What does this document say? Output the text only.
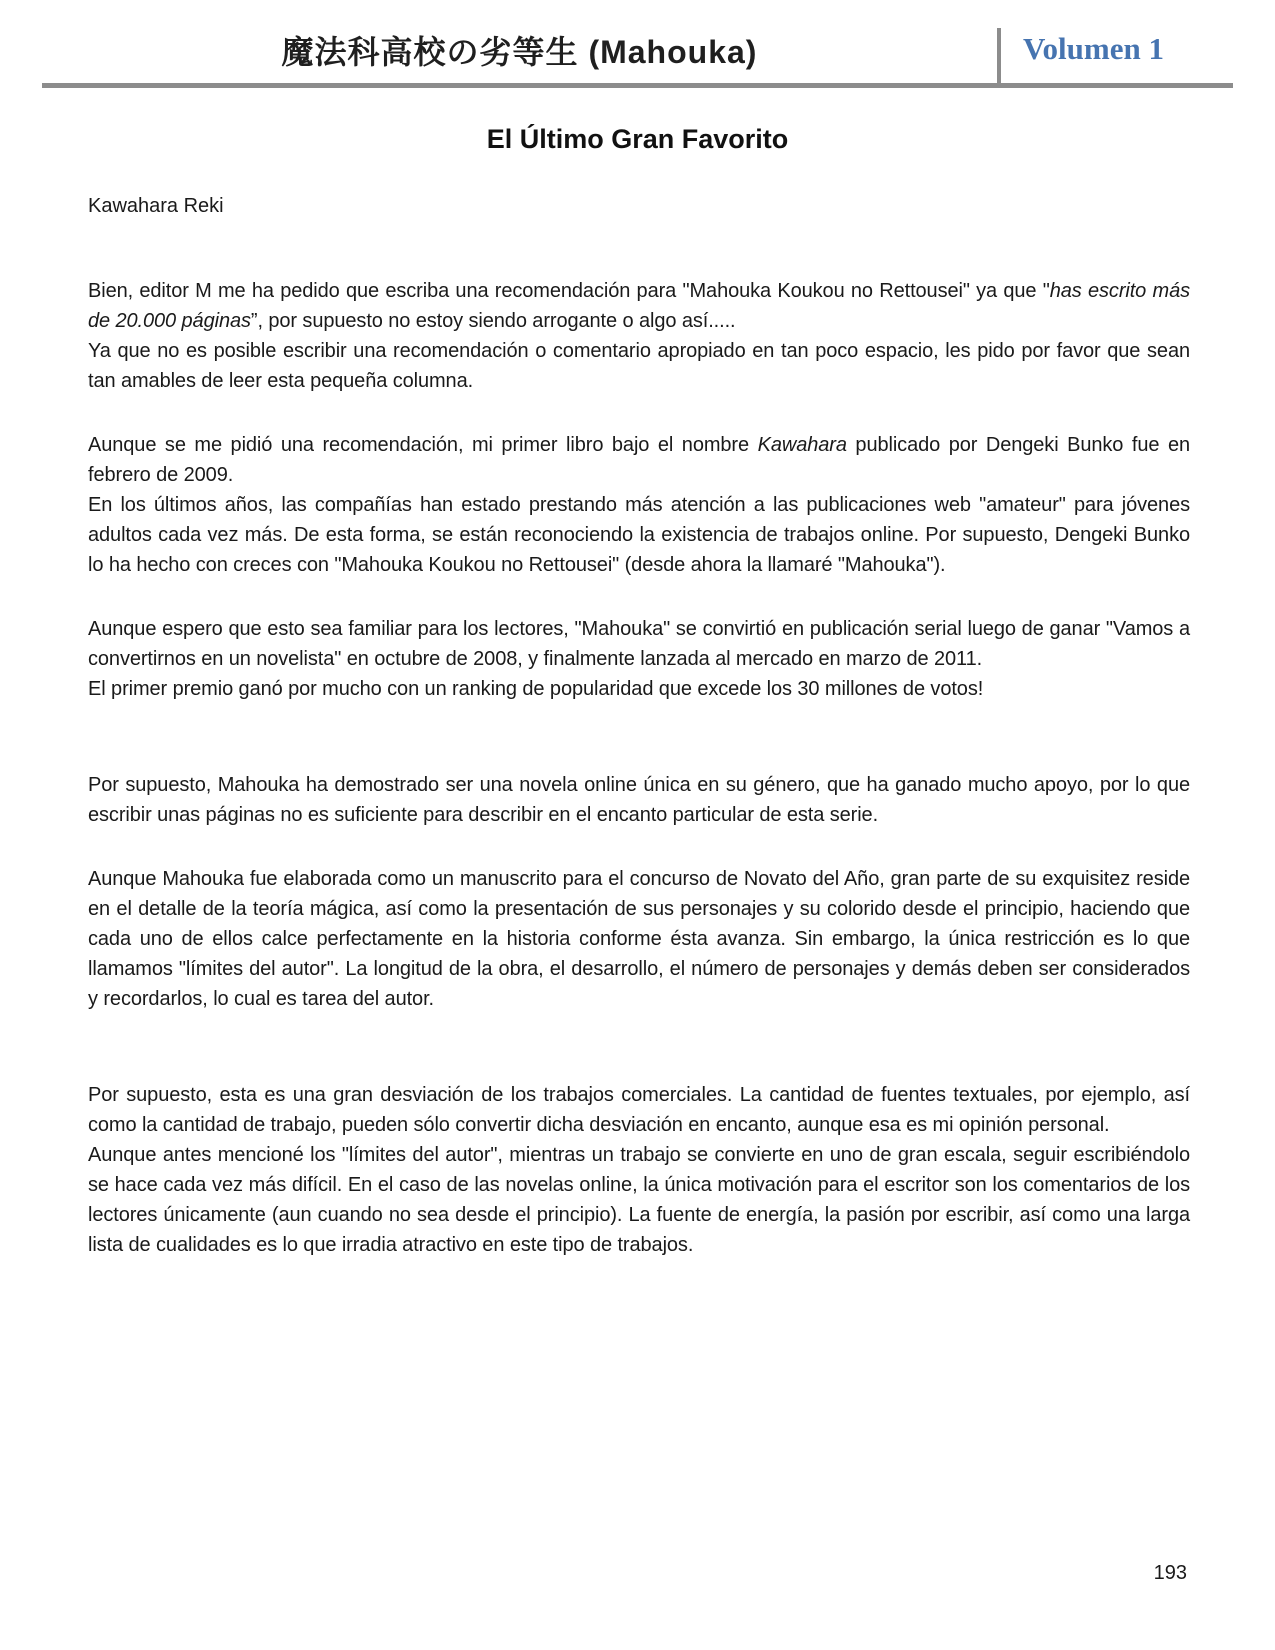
魔法科高校の劣等生 (Mahouka)	Volumen 1
El Último Gran Favorito
Kawahara Reki

Bien, editor M me ha pedido que escriba una recomendación para "Mahouka Koukou no Rettousei" ya que "has escrito más de 20.000 páginas”, por supuesto no estoy siendo arrogante o algo así.....
Ya que no es posible escribir una recomendación o comentario apropiado en tan poco espacio, les pido por favor que sean tan amables de leer esta pequeña columna.

Aunque se me pidió una recomendación, mi primer libro bajo el nombre Kawahara publicado por Dengeki Bunko fue en febrero de 2009.
En los últimos años, las compañías han estado prestando más atención a las publicaciones web "amateur" para jóvenes adultos cada vez más. De esta forma, se están reconociendo la existencia de trabajos online. Por supuesto, Dengeki Bunko lo ha hecho con creces con "Mahouka Koukou no Rettousei" (desde ahora la llamaré "Mahouka").

Aunque espero que esto sea familiar para los lectores, "Mahouka" se convirtió en publicación serial luego de ganar "Vamos a convertirnos en un novelista" en octubre de 2008, y finalmente lanzada al mercado en marzo de 2011.
El primer premio ganó por mucho con un ranking de popularidad que excede los 30 millones de votos!

Por supuesto, Mahouka ha demostrado ser una novela online única en su género, que ha ganado mucho apoyo, por lo que escribir unas páginas no es suficiente para describir en el encanto particular de esta serie.

Aunque Mahouka fue elaborada como un manuscrito para el concurso de Novato del Año, gran parte de su exquisitez reside en el detalle de la teoría mágica, así como la presentación de sus personajes y su colorido desde el principio, haciendo que cada uno de ellos calce perfectamente en la historia conforme ésta avanza. Sin embargo, la única restricción es lo que llamamos "límites del autor". La longitud de la obra, el desarrollo, el número de personajes y demás deben ser considerados y recordarlos, lo cual es tarea del autor.

Por supuesto, esta es una gran desviación de los trabajos comerciales. La cantidad de fuentes textuales, por ejemplo, así como la cantidad de trabajo, pueden sólo convertir dicha desviación en encanto, aunque esa es mi opinión personal.
Aunque antes mencioné los "límites del autor", mientras un trabajo se convierte en uno de gran escala, seguir escribiéndolo se hace cada vez más difícil. En el caso de las novelas online, la única motivación para el escritor son los comentarios de los lectores únicamente (aun cuando no sea desde el principio). La fuente de energía, la pasión por escribir, así como una larga lista de cualidades es lo que irradia atractivo en este tipo de trabajos.

193
